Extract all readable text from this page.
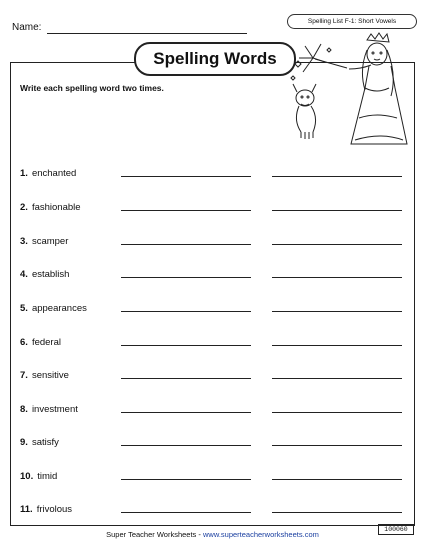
Name:
Spelling List F-1: Short Vowels
Spelling Words
Write each spelling word two times.
1. enchanted
2. fashionable
3. scamper
4. establish
5. appearances
6. federal
7. sensitive
8. investment
9. satisfy
10. timid
11. frivolous
Super Teacher Worksheets - www.superteacherworksheets.com
100060
